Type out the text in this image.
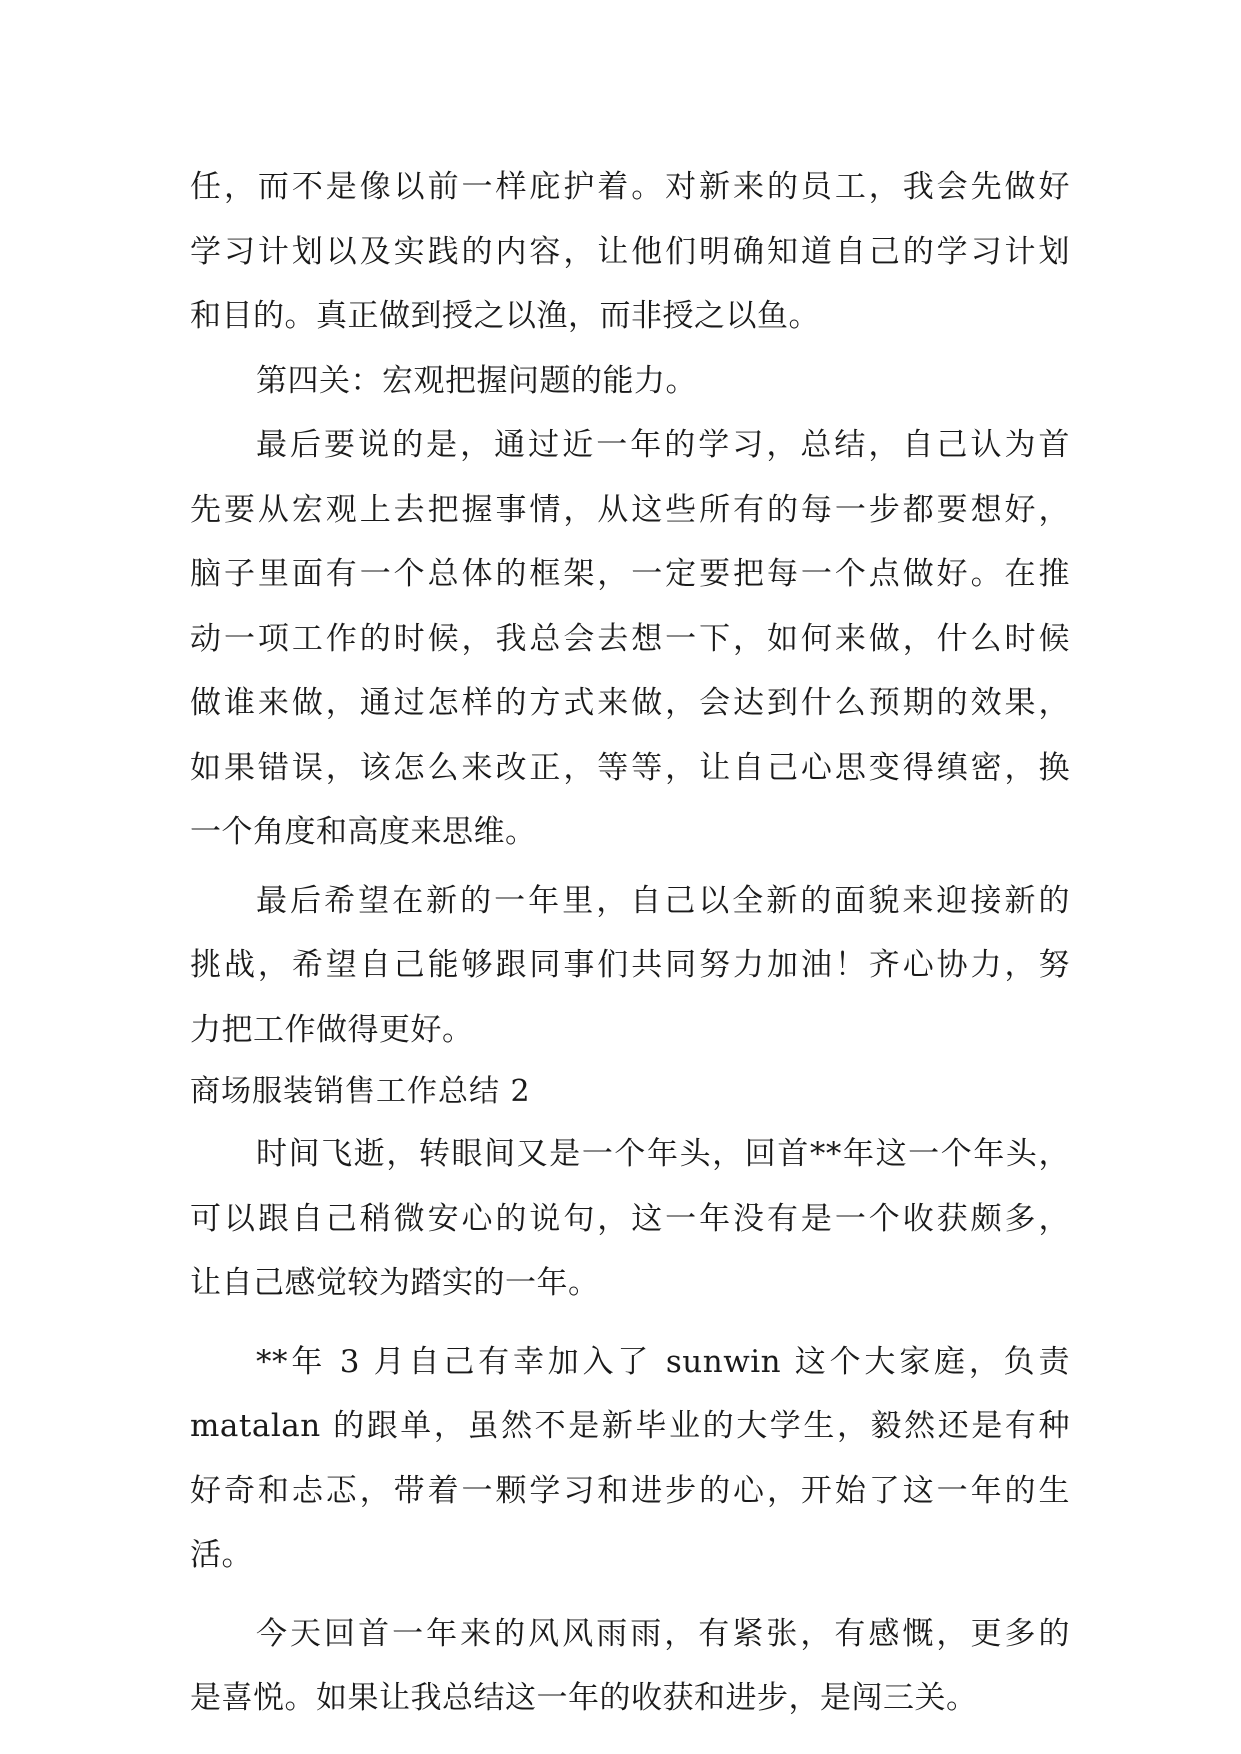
任，而不是像以前一样庇护着。对新来的员工，我会先做好
学习计划以及实践的内容，让他们明确知道自己的学习计划
和目的。真正做到授之以渔，而非授之以鱼。
第四关：宏观把握问题的能力。
最后要说的是，通过近一年的学习，总结，自己认为首
先要从宏观上去把握事情，从这些所有的每一步都要想好，
脑子里面有一个总体的框架，一定要把每一个点做好。在推
动一项工作的时候，我总会去想一下，如何来做，什么时候
做谁来做，通过怎样的方式来做，会达到什么预期的效果，
如果错误，该怎么来改正，等等，让自己心思变得缜密，换
一个角度和高度来思维。
最后希望在新的一年里，自己以全新的面貌来迎接新的
挑战，希望自己能够跟同事们共同努力加油！齐心协力，努
力把工作做得更好。
商场服装销售工作总结 2
时间飞逝，转眼间又是一个年头，回首**年这一个年头，
可以跟自己稍微安心的说句，这一年没有是一个收获颇多，
让自己感觉较为踏实的一年。
**年 3 月自己有幸加入了 sunwin 这个大家庭，负责
matalan 的跟单，虽然不是新毕业的大学生，毅然还是有种
好奇和忐忑，带着一颗学习和进步的心，开始了这一年的生
活。
今天回首一年来的风风雨雨，有紧张，有感慨，更多的
是喜悦。如果让我总结这一年的收获和进步，是闯三关。
